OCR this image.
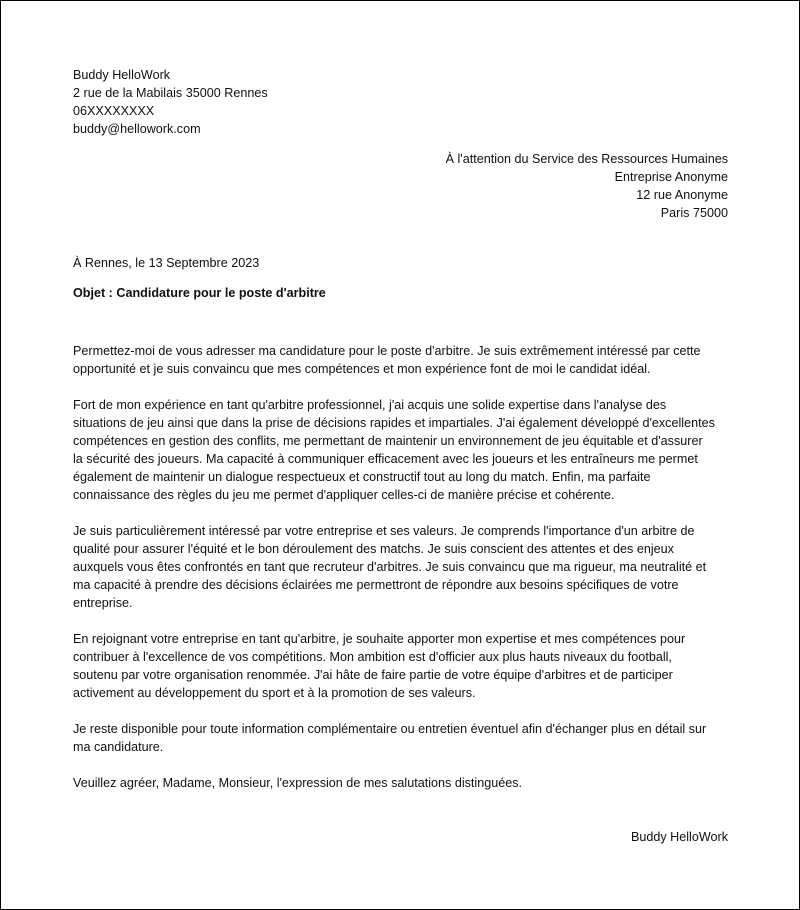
Buddy HelloWork
2 rue de la Mabilais 35000 Rennes
06XXXXXXXX
buddy@hellowork.com
À l'attention du Service des Ressources Humaines
Entreprise Anonyme
12 rue Anonyme
Paris 75000
À Rennes, le 13 Septembre 2023
Objet : Candidature pour le poste d'arbitre

Permettez-moi de vous adresser ma candidature pour le poste d'arbitre. Je suis extrêmement intéressé par cette
opportunité et je suis convaincu que mes compétences et mon expérience font de moi le candidat idéal.

Fort de mon expérience en tant qu'arbitre professionnel, j'ai acquis une solide expertise dans l'analyse des
situations de jeu ainsi que dans la prise de décisions rapides et impartiales. J'ai également développé d'excellentes
compétences en gestion des conflits, me permettant de maintenir un environnement de jeu équitable et d'assurer
la sécurité des joueurs. Ma capacité à communiquer efficacement avec les joueurs et les entraîneurs me permet
également de maintenir un dialogue respectueux et constructif tout au long du match. Enfin, ma parfaite
connaissance des règles du jeu me permet d'appliquer celles-ci de manière précise et cohérente.

Je suis particulièrement intéressé par votre entreprise et ses valeurs. Je comprends l'importance d'un arbitre de
qualité pour assurer l'équité et le bon déroulement des matchs. Je suis conscient des attentes et des enjeux
auxquels vous êtes confrontés en tant que recruteur d'arbitres. Je suis convaincu que ma rigueur, ma neutralité et
ma capacité à prendre des décisions éclairées me permettront de répondre aux besoins spécifiques de votre
entreprise.

En rejoignant votre entreprise en tant qu'arbitre, je souhaite apporter mon expertise et mes compétences pour
contribuer à l'excellence de vos compétitions. Mon ambition est d'officier aux plus hauts niveaux du football,
soutenu par votre organisation renommée. J'ai hâte de faire partie de votre équipe d'arbitres et de participer
activement au développement du sport et à la promotion de ses valeurs.

Je reste disponible pour toute information complémentaire ou entretien éventuel afin d'échanger plus en détail sur
ma candidature.

Veuillez agréer, Madame, Monsieur, l'expression de mes salutations distinguées.

Buddy HelloWork
